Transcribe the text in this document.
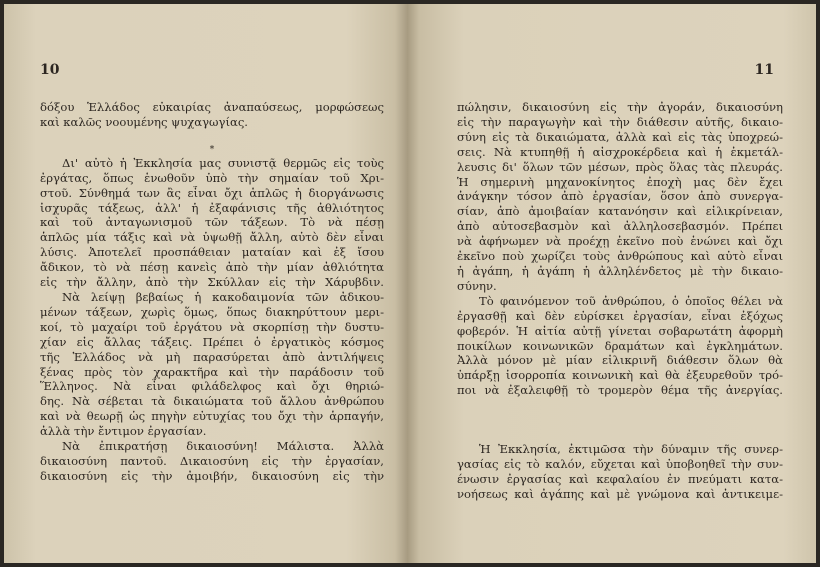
10
δόξου Ἑλλάδος εὐκαιρίας ἀναπαύσεως, μορφώσεως
καὶ καλῶς νοουμένης ψυχαγωγίας.
*
Δι' αὐτὸ ἡ Ἐκκλησία μας συνιστᾷ θερμῶς εἰς τοὺς
ἐργάτας, ὅπως ἑνωθοῦν ὑπὸ τὴν σημαίαν τοῦ Χρι-
στοῦ. Σύνθημά των ἂς εἶναι ὄχι ἁπλῶς ἡ διοργάνωσις
ἰσχυρᾶς τάξεως, ἀλλ' ἡ ἐξαφάνισις τῆς ἀθλιότητος
καὶ τοῦ ἀνταγωνισμοῦ τῶν τάξεων. Τὸ νὰ πέσῃ
ἁπλῶς μία τάξις καὶ νὰ ὑψωθῇ ἄλλη, αὐτὸ δὲν εἶναι
λύσις. Ἀποτελεῖ προσπάθειαν ματαίαν καὶ ἐξ ἴσου
ἄδικον, τὸ νὰ πέσῃ κανεὶς ἀπὸ τὴν μίαν ἀθλιότητα
εἰς τὴν ἄλλην, ἀπὸ τὴν Σκύλλαν εἰς τὴν Χάρυβδιν.
Νὰ λείψῃ βεβαίως ἡ κακοδαιμονία τῶν ἀδικου-
μένων τάξεων, χωρὶς ὅμως, ὅπως διακηρύττουν μερι-
κοί, τὸ μαχαίρι τοῦ ἐργάτου νὰ σκορπίσῃ τὴν δυστυ-
χίαν εἰς ἄλλας τάξεις. Πρέπει ὁ ἐργατικὸς κόσμος
τῆς Ἑλλάδος νὰ μὴ παρασύρεται ἀπὸ ἀντιλήψεις
ξένας πρὸς τὸν χαρακτῆρα καὶ τὴν παράδοσιν τοῦ
Ἕλληνος. Νὰ εἶναι φιλάδελφος καὶ ὄχι θηριώ-
δης. Νὰ σέβεται τὰ δικαιώματα τοῦ ἄλλου ἀνθρώπου
καὶ νὰ θεωρῇ ὡς πηγὴν εὐτυχίας του ὄχι τὴν ἁρπαγήν,
ἀλλὰ τὴν ἔντιμον ἐργασίαν.
Νὰ ἐπικρατήσῃ δικαιοσύνη! Μάλιστα. Ἀλλὰ
δικαιοσύνη παντοῦ. Δικαιοσύνη εἰς τὴν ἐργασίαν,
δικαιοσύνη εἰς τὴν ἀμοιβήν, δικαιοσύνη εἰς τὴν
11
πώλησιν, δικαιοσύνη εἰς τὴν ἀγοράν, δικαιοσύνη
εἰς τὴν παραγωγὴν καὶ τὴν διάθεσιν αὐτῆς, δικαιο-
σύνη εἰς τὰ δικαιώματα, ἀλλὰ καὶ εἰς τὰς ὑποχρεώ-
σεις. Νὰ κτυπηθῇ ἡ αἰσχροκέρδεια καὶ ἡ ἐκμετάλ-
λευσις δι' ὅλων τῶν μέσων, πρὸς ὅλας τὰς πλευράς.
Ἡ σημερινὴ μηχανοκίνητος ἐποχὴ μας δὲν ἔχει
ἀνάγκην τόσον ἀπὸ ἐργασίαν, ὅσον ἀπὸ συνεργα-
σίαν, ἀπὸ ἀμοιβαίαν κατανόησιν καὶ εἰλικρίνειαν,
ἀπὸ αὐτοσεβασμὸν καὶ ἀλληλοσεβασμόν. Πρέπει
νὰ ἀφήνωμεν νὰ προέχῃ ἐκεῖνο ποὺ ἑνώνει καὶ ὄχι
ἐκεῖνο ποὺ χωρίζει τοὺς ἀνθρώπους καὶ αὐτὸ εἶναι
ἡ ἀγάπη, ἡ ἀγάπη ἡ ἀλληλένδετος μὲ τὴν δικαιο-
σύνην.
Τὸ φαινόμενον τοῦ ἀνθρώπου, ὁ ὁποῖος θέλει νὰ
ἐργασθῇ καὶ δὲν εὑρίσκει ἐργασίαν, εἶναι ἐξόχως
φοβερόν. Ἡ αἰτία αὐτῇ γίνεται σοβαρωτάτη ἀφορμὴ
ποικίλων κοινωνικῶν δραμάτων καὶ ἐγκλημάτων.
Ἀλλὰ μόνον μὲ μίαν εἰλικρινῆ διάθεσιν ὅλων θὰ
ὑπάρξῃ ἰσορροπία κοινωνικὴ καὶ θὰ ἐξευρεθοῦν τρό-
ποι νὰ ἐξαλειφθῇ τὸ τρομερὸν θέμα τῆς ἀνεργίας.
Ἡ Ἐκκλησία, ἐκτιμῶσα τὴν δύναμιν τῆς συνερ-
γασίας εἰς τὸ καλόν, εὔχεται καὶ ὑποβοηθεῖ τὴν συν-
ένωσιν ἐργασίας καὶ κεφαλαίου ἐν πνεύματι κατα-
νοήσεως καὶ ἀγάπης καὶ μὲ γνώμονα καὶ ἀντικειμε-
